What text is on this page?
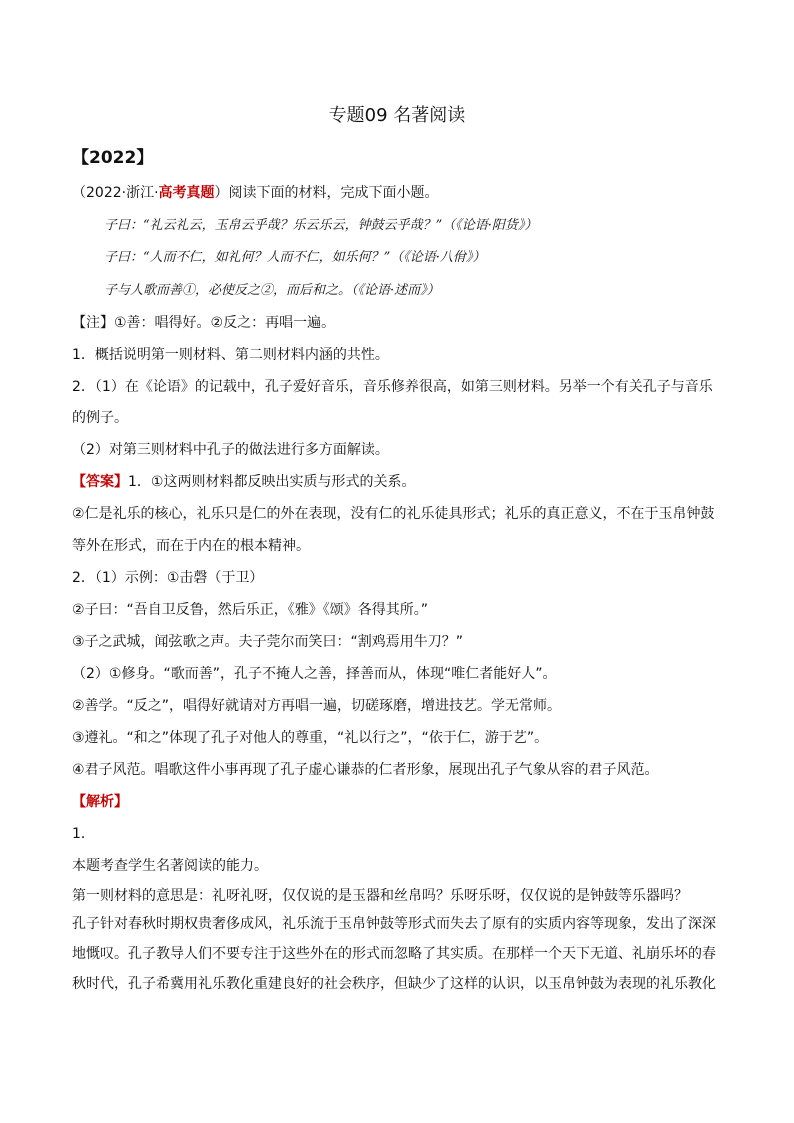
专题09 名著阅读
【2022】
（2022·浙江·高考真题）阅读下面的材料，完成下面小题。
子曰：“礼云礼云，玉帛云乎哉？乐云乐云，钟鼓云乎哉？”（《论语·阳货》）
子曰：“人而不仁，如礼何？人而不仁，如乐何？”（《论语·八佾》）
子与人歌而善①，必使反之②，而后和之。（《论语·述而》）
【注】①善：唱得好。②反之：再唱一遍。
1．概括说明第一则材料、第二则材料内涵的共性。
2．（1）在《论语》的记载中，孔子爱好音乐，音乐修养很高，如第三则材料。另举一个有关孔子与音乐
的例子。
（2）对第三则材料中孔子的做法进行多方面解读。
【答案】1．①这两则材料都反映出实质与形式的关系。
②仁是礼乐的核心，礼乐只是仁的外在表现，没有仁的礼乐徒具形式；礼乐的真正意义，不在于玉帛钟鼓
等外在形式，而在于内在的根本精神。
2．（1）示例：①击磬（于卫）
②子曰：“吾自卫反鲁，然后乐正，《雅》《颂》各得其所。”
③子之武城，闻弦歌之声。夫子莞尔而笑曰：“割鸡焉用牛刀？”
（2）①修身。“歌而善”，孔子不掩人之善，择善而从，体现“唯仁者能好人”。
②善学。“反之”，唱得好就请对方再唱一遍，切磋琢磨，增进技艺。学无常师。
③遵礼。“和之”体现了孔子对他人的尊重，“礼以行之”，“依于仁，游于艺”。
④君子风范。唱歌这件小事再现了孔子虚心谦恭的仁者形象，展现出孔子气象从容的君子风范。
【解析】
1．
本题考查学生名著阅读的能力。
第一则材料的意思是：礼呀礼呀，仅仅说的是玉器和丝帛吗？乐呀乐呀，仅仅说的是钟鼓等乐器吗？
孔子针对春秋时期权贵奢侈成风，礼乐流于玉帛钟鼓等形式而失去了原有的实质内容等现象，发出了深深
地慨叹。孔子教导人们不要专注于这些外在的形式而忽略了其实质。在那样一个天下无道、礼崩乐坏的春
秋时代，孔子希冀用礼乐教化重建良好的社会秩序，但缺少了这样的认识，以玉帛钟鼓为表现的礼乐教化
